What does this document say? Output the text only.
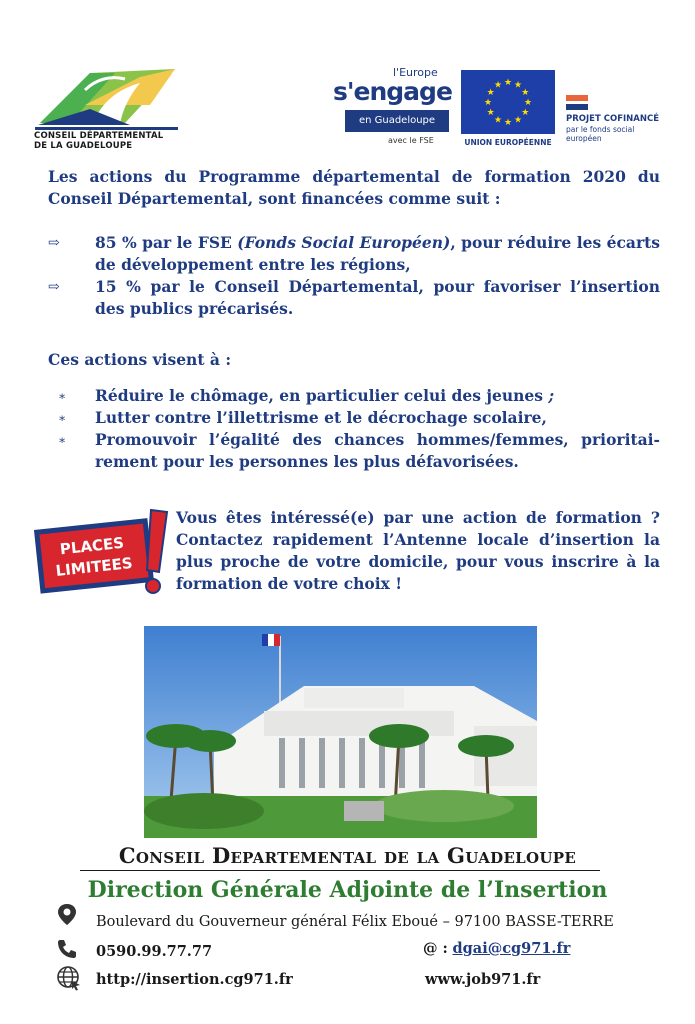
CONSEIL DÉPARTEMENTAL
DE LA GUADELOUPE
l'Europe
s'engage
en Guadeloupe
avec le FSE
★ ★
★
★
★
★
★
★
★
★
★
★
UNION EUROPÉENNE
PROJET COFINANCÉ
par le fonds social européen
Les actions du Programme départemental de formation 2020 du
Conseil Départemental, sont financées comme suit :
⇨ 85 % par le FSE (Fonds Social Européen), pour réduire les écarts de développement entre les régions,
⇨ 15 % par le Conseil Départemental, pour favoriser l’insertion des publics précarisés.
Ces actions visent à :
∗ Réduire le chômage, en particulier celui des jeunes ;
∗ Lutter contre l’illettrisme et le décrochage scolaire,
∗ Promouvoir l’égalité des chances hommes/femmes, prioritai-rement pour les personnes les plus défavorisées.
PLACES
LIMITEES
Vous êtes intéressé(e) par une action de formation ? Contactez rapidement l’Antenne locale d’insertion la plus proche de votre domicile, pour vous inscrire à la formation de votre choix !
Conseil Departemental de la Guadeloupe
Direction Générale Adjointe de l’Insertion
Boulevard du Gouverneur général Félix Eboué – 97100 BASSE-TERRE
0590.99.77.77	@ : dgai@cg971.fr
http://insertion.cg971.fr	www.job971.fr
